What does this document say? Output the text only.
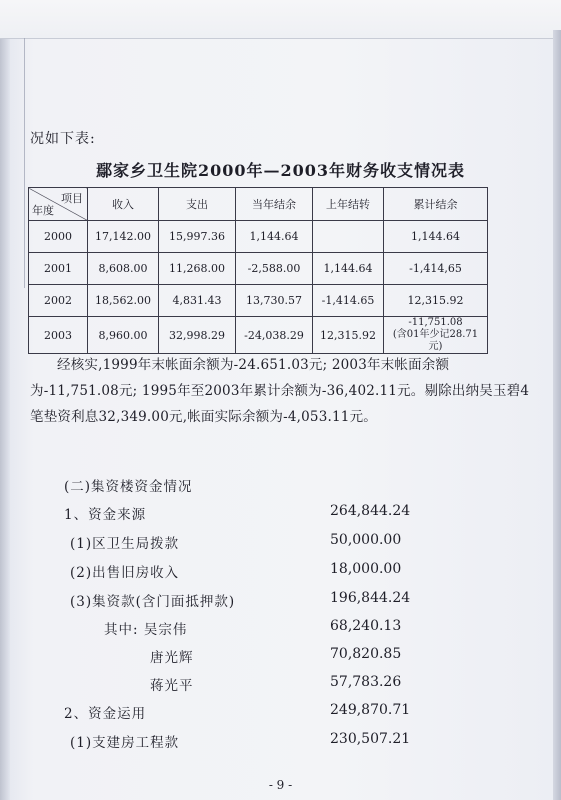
况如下表:
鄢家乡卫生院2000年—2003年财务收支情况表
项目
年度	收入	支出	当年结余	上年结转	累计结余
2000	17,142.00	15,997.36	1,144.64		1,144.64
2001	8,608.00	11,268.00	-2,588.00	1,144.64	-1,414,65
2002	18,562.00	4,831.43	13,730.57	-1,414.65	12,315.92
2003	8,960.00	32,998.29	-24,038.29	12,315.92	-11,751.08
(含01年少记28.71元)
经核实,1999年末帐面余额为-24.651.03元; 2003年末帐面余额为-11,751.08元; 1995年至2003年累计余额为-36,402.11元。剔除出纳吴玉碧4笔垫资利息32,349.00元,帐面实际余额为-4,053.11元。
(二)集资楼资金情况
1、资金来源	264,844.24
(1)区卫生局拨款	50,000.00
(2)出售旧房收入	18,000.00
(3)集资款(含门面抵押款)	196,844.24
其中: 吴宗伟	68,240.13
唐光辉	70,820.85
蒋光平	57,783.26
2、资金运用	249,870.71
(1)支建房工程款	230,507.21
- 9 -
